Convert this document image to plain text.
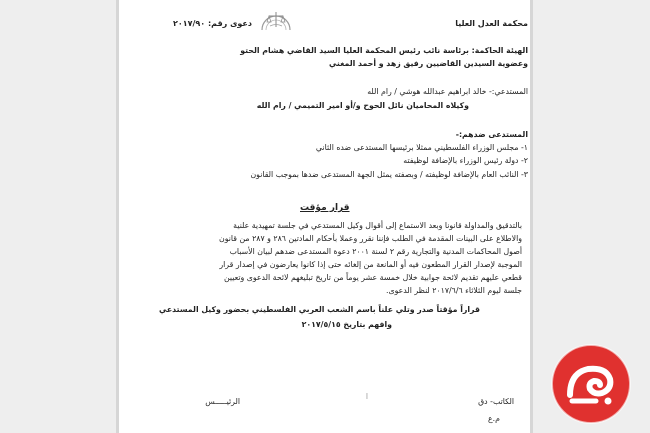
محكمة العدل العليا
دعوى رقم: ٢٠١٧/٩٠
الهيئة الحاكمة: برئاسة نائب رئيس المحكمة العليا السيد القاضي هشام الحتو
وعضوية السيدين القاضيين رفيق زهد و أحمد المغني
المستدعي:- خالد ابراهيم عبدالله هوشي / رام الله
وكيلاه المحاميان نائل الحوح و/أو امير التميمي / رام الله
المستدعى ضدهم:-
١- مجلس الوزراء الفلسطيني ممثلا برئيسها المستدعى ضده الثاني
٢- دولة رئيس الوزراء بالإضافة لوظيفته
٣- النائب العام بالإضافة لوظيفته / وبصفته يمثل الجهة المستدعى ضدها بموجب القانون
قرار مؤقت
بالتدقيق والمداولة قانونا وبعد الاستماع إلى أقوال وكيل المستدعي في جلسة تمهيدية علنية
والاطلاع على البينات المقدمة في الطلب فإننا نقرر وعملا بأحكام المادتين ٢٨٦ و ٢٨٧ من قانون
أصول المحاكمات المدنية والتجارية رقم ٢ لسنة ٢٠٠١ دعوة المستدعى ضدهم لبيان الأسباب
الموجبة لإصدار القرار المطعون فيه أو المانعة من إلغائه حتى إذا كانوا يعارضون في إصدار قرار
قطعي عليهم تقديم لائحة جوابية خلال خمسة عشر يوماً من تاريخ تبليغهم لائحة الدعوى وتعيين
جلسة ليوم الثلاثاء ٢٠١٧/٦/٦ لنظر الدعوى.
قراراً مؤقتاً صدر وتلي علناً باسم الشعب العربي الفلسطيني بحضور وكيل المستدعي
وافهم بتاريخ ٢٠١٧/٥/١٥
الكاتب- دق
ا
الرئيـــــس
م.ع
